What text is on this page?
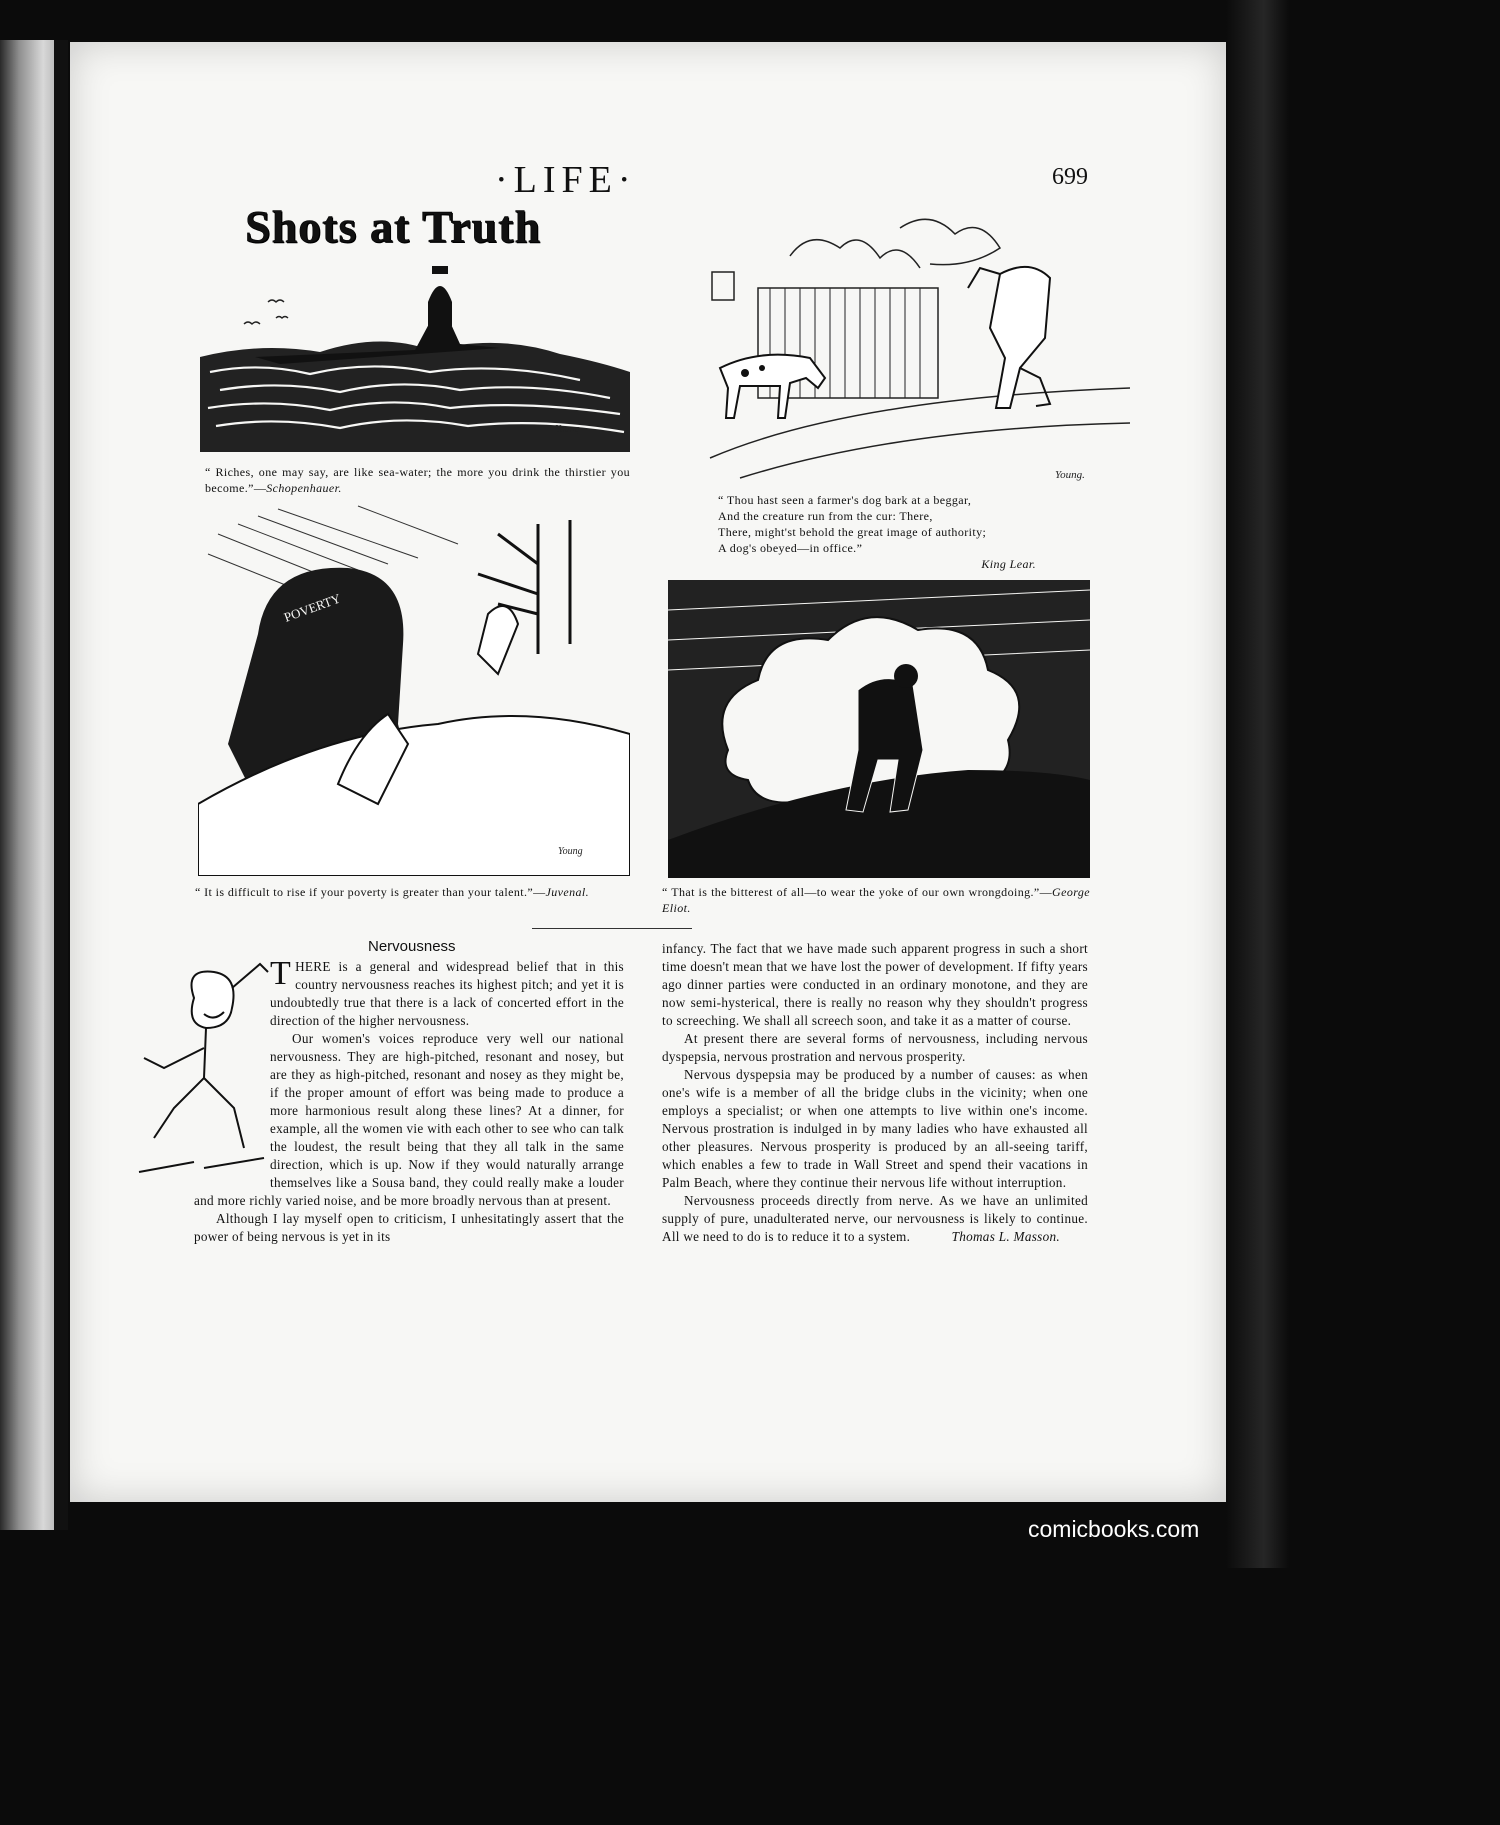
·LIFE·	699
Shots at Truth
Young
Young.
POVERTY
Young
“ Riches, one may say, are like sea-water; the more you drink the thirstier you become.”—Schopenhauer.
“ Thou hast seen a farmer's dog bark at a beggar,
And the creature run from the cur: There,
There, might'st behold the great image of authority;
A dog's obeyed—in office.”
King Lear.
“ It is difficult to rise if your poverty is greater than your talent.”—Juvenal.	“ That is the bitterest of all—to wear the yoke of our own wrongdoing.”—George Eliot.
Nervousness
T HERE is a general and widespread belief that in this country nervousness reaches its highest pitch; and yet it is undoubtedly true that there is a lack of concerted effort in the direction of the higher nervousness.

Our women's voices reproduce very well our national nervousness. They are high-pitched, resonant and nosey, but are they as high-pitched, resonant and nosey as they might be, if the proper amount of effort was being made to produce a more harmonious result along these lines? At a dinner, for example, all the women vie with each other to see who can talk the loudest, the result being that they all talk in the same direction, which is up. Now if they would naturally arrange themselves like a Sousa band, they could really make a louder and more richly varied noise, and be more broadly nervous than at present.

Although I lay myself open to criticism, I unhesitatingly assert that the power of being nervous is yet in its

infancy. The fact that we have made such apparent progress in such a short time doesn't mean that we have lost the power of development. If fifty years ago dinner parties were conducted in an ordinary monotone, and they are now semi-hysterical, there is really no reason why they shouldn't progress to screeching. We shall all screech soon, and take it as a matter of course.

At present there are several forms of nervousness, including nervous dyspepsia, nervous prostration and nervous prosperity.

Nervous dyspepsia may be produced by a number of causes: as when one's wife is a member of all the bridge clubs in the vicinity; when one employs a specialist; or when one attempts to live within one's income. Nervous prostration is indulged in by many ladies who have exhausted all other pleasures. Nervous prosperity is produced by an all-seeing tariff, which enables a few to trade in Wall Street and spend their vacations in Palm Beach, where they continue their nervous life without interruption.

Nervousness proceeds directly from nerve. As we have an unlimited supply of pure, unadulterated nerve, our nervousness is likely to continue. All we need to do is to reduce it to a system.	Thomas L. Masson.
comicbooks.com
